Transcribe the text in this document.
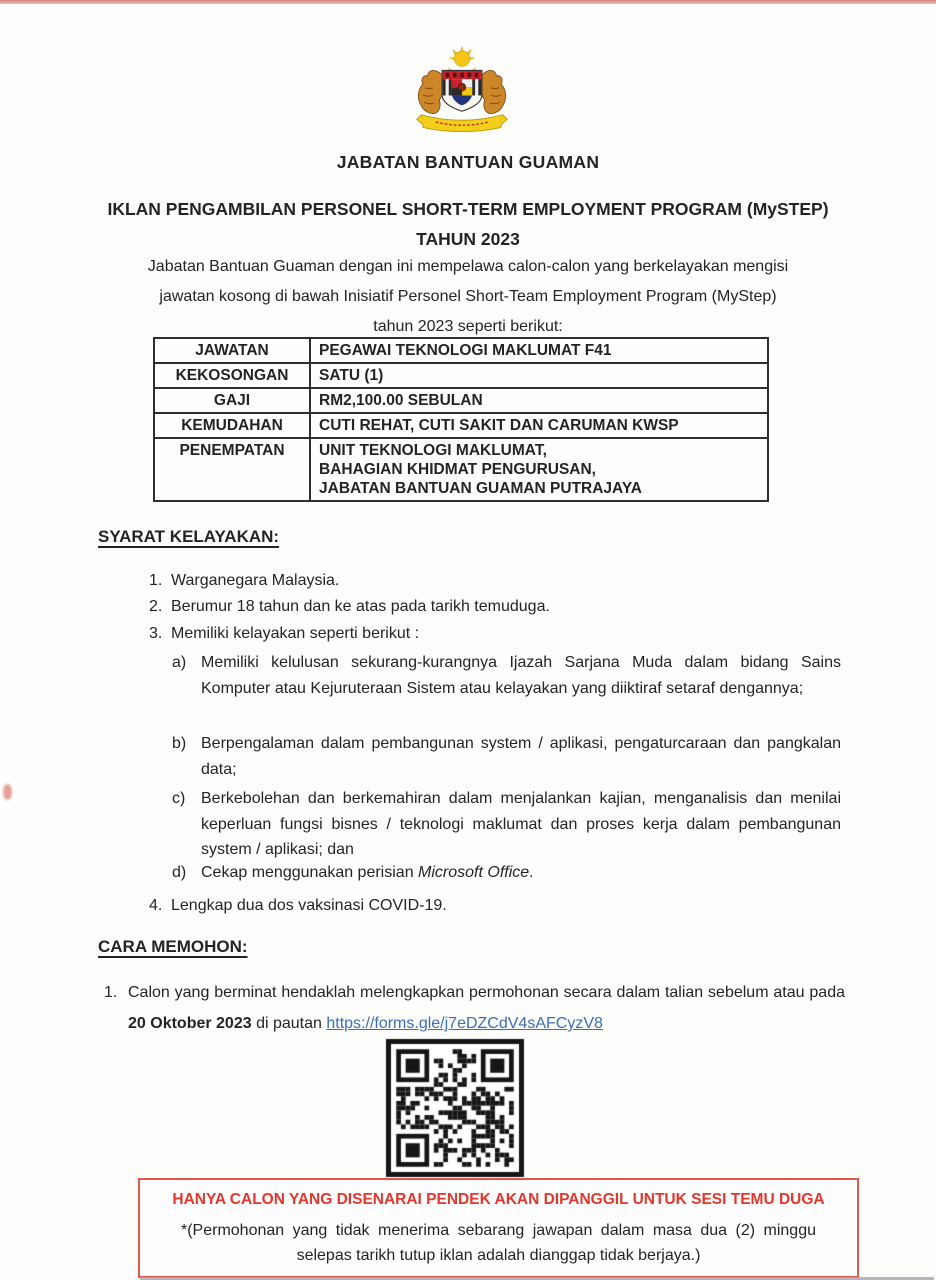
JABATAN BANTUAN GUAMAN
IKLAN PENGAMBILAN PERSONEL SHORT-TERM EMPLOYMENT PROGRAM (MySTEP)
TAHUN 2023
Jabatan Bantuan Guaman dengan ini mempelawa calon-calon yang berkelayakan mengisi
jawatan kosong di bawah Inisiatif Personel Short-Team Employment Program (MyStep)
tahun 2023 seperti berikut:
JAWATAN	PEGAWAI TEKNOLOGI MAKLUMAT F41
KEKOSONGAN	SATU (1)
GAJI	RM2,100.00 SEBULAN
KEMUDAHAN	CUTI REHAT, CUTI SAKIT DAN CARUMAN KWSP
PENEMPATAN	UNIT TEKNOLOGI MAKLUMAT,
BAHAGIAN KHIDMAT PENGURUSAN,
JABATAN BANTUAN GUAMAN PUTRAJAYA
SYARAT KELAYAKAN:
1. Warganegara Malaysia.
2. Berumur 18 tahun dan ke atas pada tarikh temuduga.
3. Memiliki kelayakan seperti berikut :
a) Memiliki kelulusan sekurang-kurangnya Ijazah Sarjana Muda dalam bidang Sains Komputer atau Kejuruteraan Sistem atau kelayakan yang diiktiraf setaraf dengannya;
b) Berpengalaman dalam pembangunan system / aplikasi, pengaturcaraan dan pangkalan data;
c) Berkebolehan dan berkemahiran dalam menjalankan kajian, menganalisis dan menilai keperluan fungsi bisnes / teknologi maklumat dan proses kerja dalam pembangunan system / aplikasi; dan
d) Cekap menggunakan perisian Microsoft Office.
4. Lengkap dua dos vaksinasi COVID-19.
CARA MEMOHON:
1. Calon yang berminat hendaklah melengkapkan permohonan secara dalam talian sebelum atau pada 20 Oktober 2023 di pautan https://forms.gle/j7eDZCdV4sAFCyzV8
HANYA CALON YANG DISENARAI PENDEK AKAN DIPANGGIL UNTUK SESI TEMU DUGA
*(Permohonan yang tidak menerima sebarang jawapan dalam masa dua (2) minggu
selepas tarikh tutup iklan adalah dianggap tidak berjaya.)
